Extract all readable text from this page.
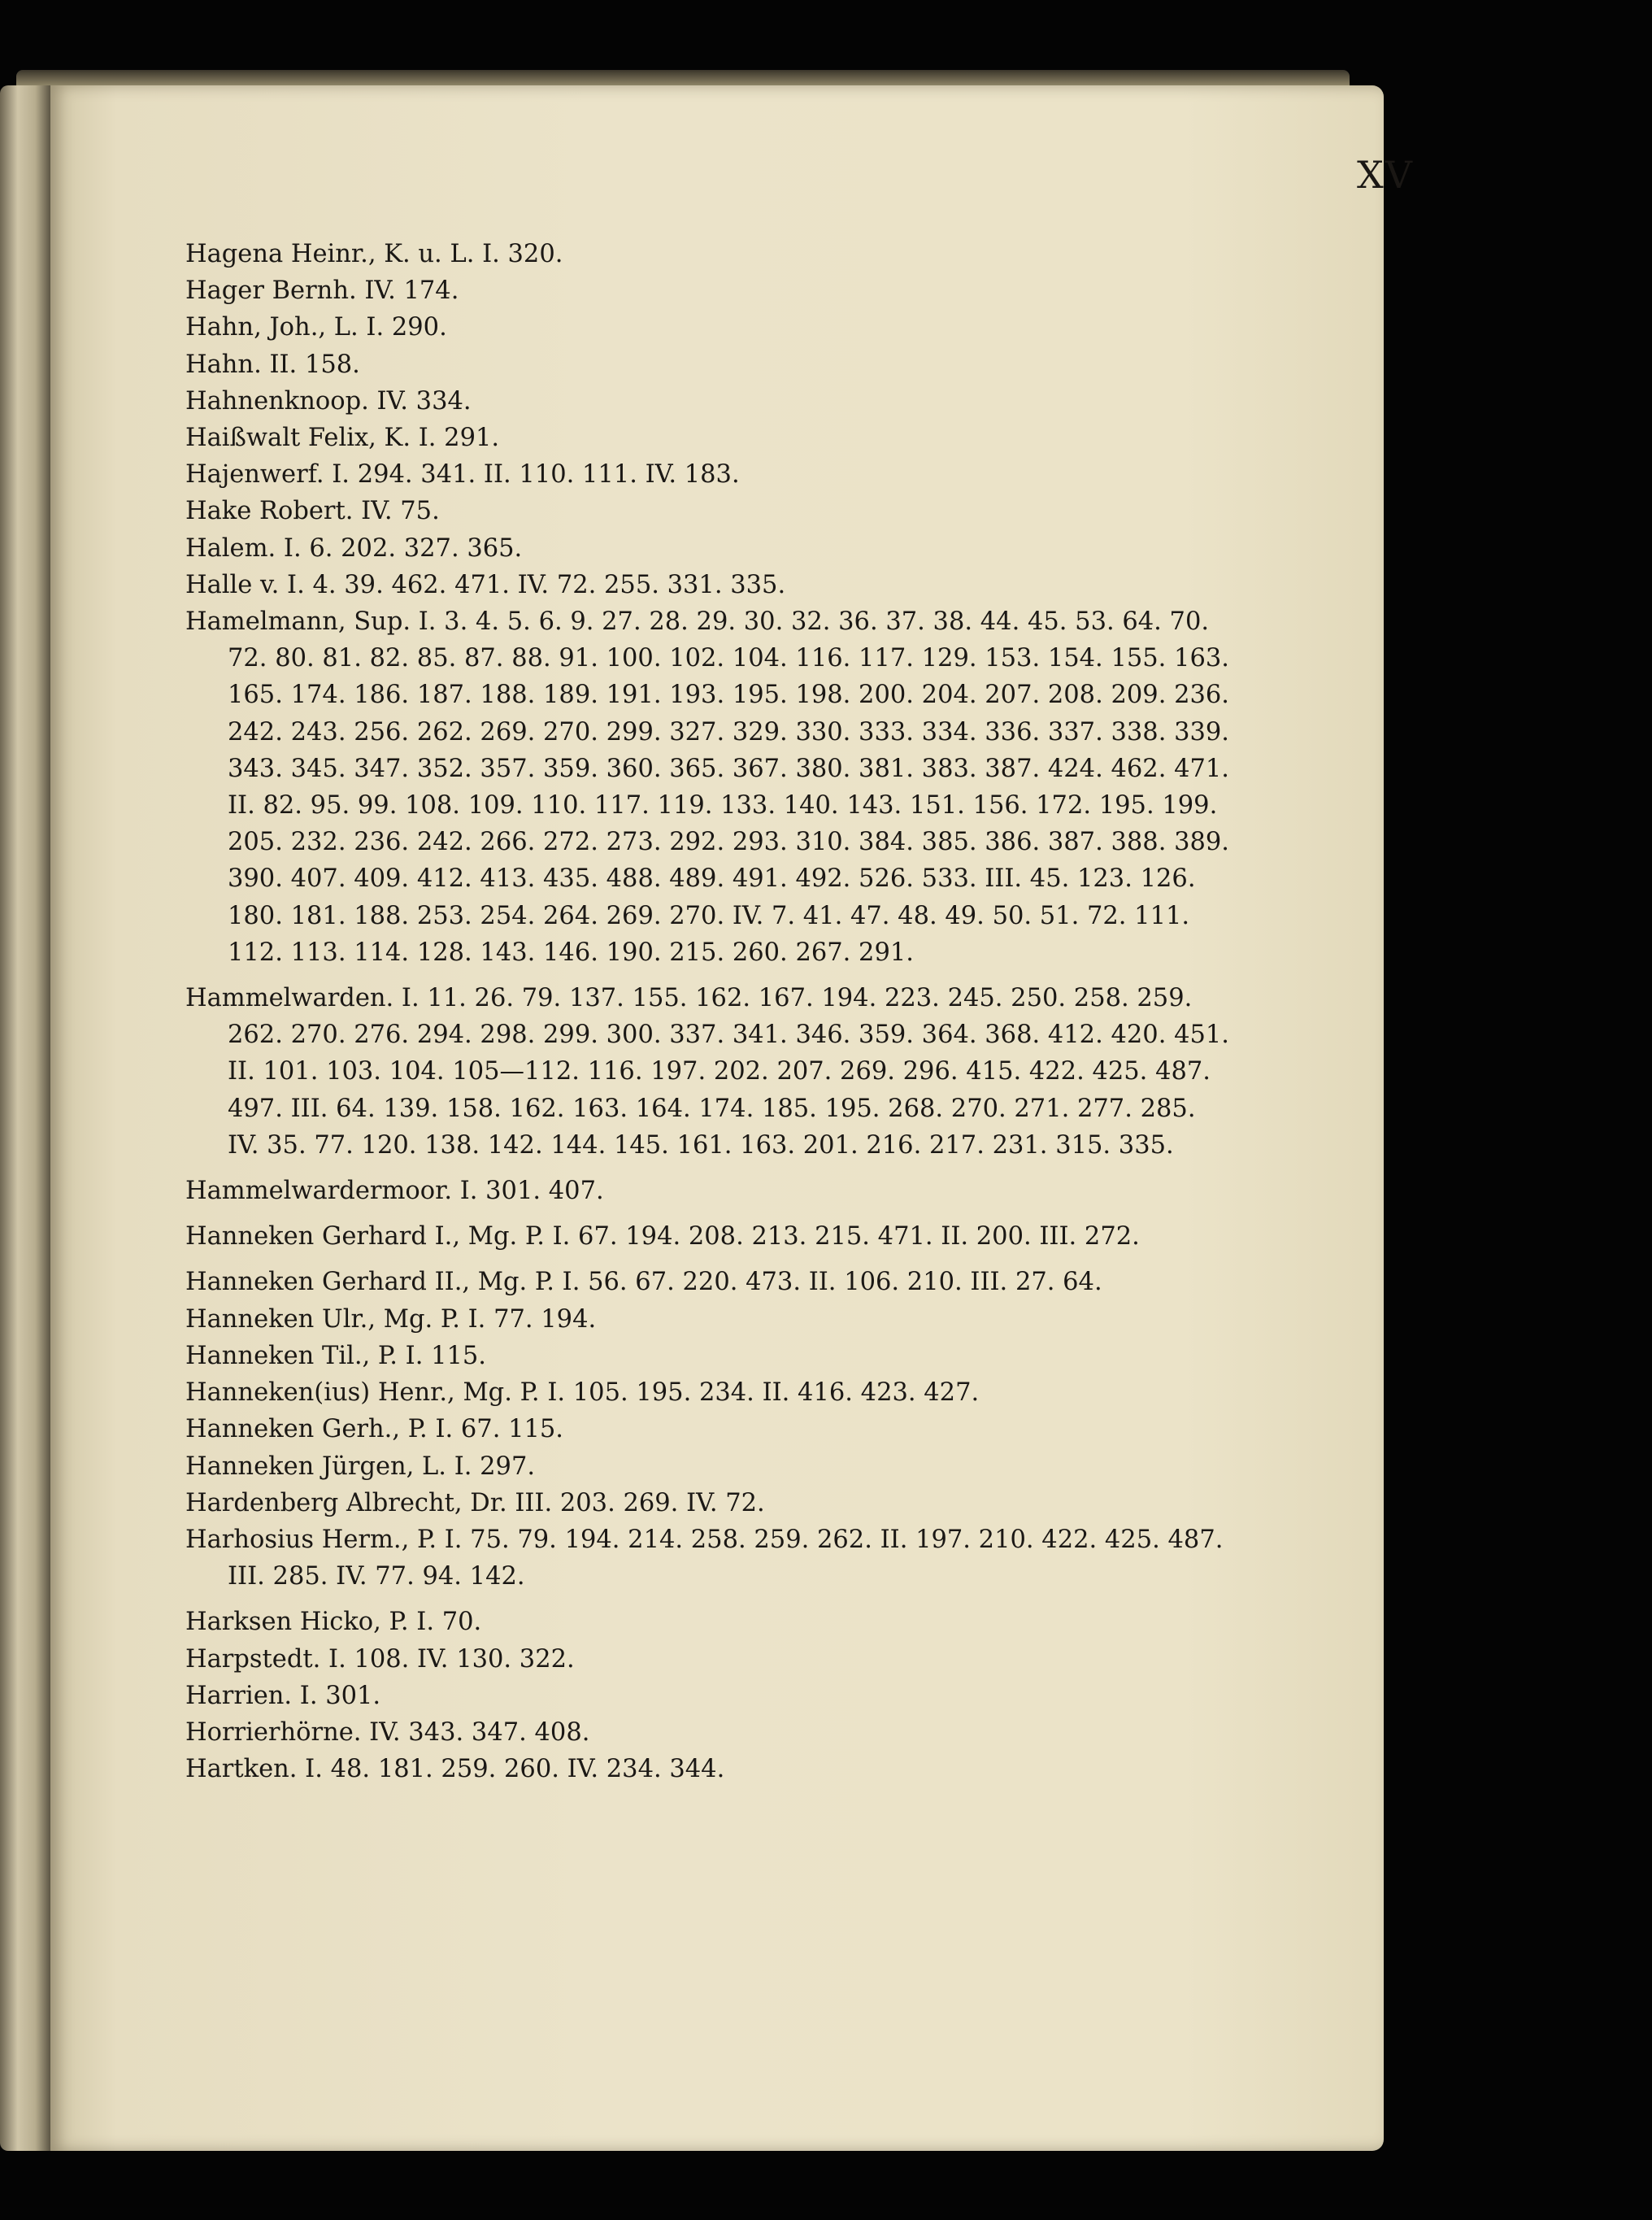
XV

Hagena Heinr., K. u. L. I. 320.

Hager Bernh. IV. 174.

Hahn, Joh., L. I. 290.

Hahn. II. 158.

Hahnenknoop. IV. 334.

Haißwalt Felix, K. I. 291.

Hajenwerf. I. 294. 341. II. 110. 111. IV. 183.

Hake Robert. IV. 75.

Halem. I. 6. 202. 327. 365.

Halle v. I. 4. 39. 462. 471. IV. 72. 255. 331. 335.

Hamelmann, Sup. I. 3. 4. 5. 6. 9. 27. 28. 29. 30. 32. 36. 37. 38. 44. 45. 53. 64. 70. 72. 80. 81. 82. 85. 87. 88. 91. 100. 102. 104. 116. 117. 129. 153. 154. 155. 163. 165. 174. 186. 187. 188. 189. 191. 193. 195. 198. 200. 204. 207. 208. 209. 236. 242. 243. 256. 262. 269. 270. 299. 327. 329. 330. 333. 334. 336. 337. 338. 339. 343. 345. 347. 352. 357. 359. 360. 365. 367. 380. 381. 383. 387. 424. 462. 471. II. 82. 95. 99. 108. 109. 110. 117. 119. 133. 140. 143. 151. 156. 172. 195. 199. 205. 232. 236. 242. 266. 272. 273. 292. 293. 310. 384. 385. 386. 387. 388. 389. 390. 407. 409. 412. 413. 435. 488. 489. 491. 492. 526. 533. III. 45. 123. 126. 180. 181. 188. 253. 254. 264. 269. 270. IV. 7. 41. 47. 48. 49. 50. 51. 72. 111. 112. 113. 114. 128. 143. 146. 190. 215. 260. 267. 291.

Hammelwarden. I. 11. 26. 79. 137. 155. 162. 167. 194. 223. 245. 250. 258. 259. 262. 270. 276. 294. 298. 299. 300. 337. 341. 346. 359. 364. 368. 412. 420. 451. II. 101. 103. 104. 105—112. 116. 197. 202. 207. 269. 296. 415. 422. 425. 487. 497. III. 64. 139. 158. 162. 163. 164. 174. 185. 195. 268. 270. 271. 277. 285. IV. 35. 77. 120. 138. 142. 144. 145. 161. 163. 201. 216. 217. 231. 315. 335.

Hammelwardermoor. I. 301. 407.

Hanneken Gerhard I., Mg. P. I. 67. 194. 208. 213. 215. 471. II. 200. III. 272.

Hanneken Gerhard II., Mg. P. I. 56. 67. 220. 473. II. 106. 210. III. 27. 64.

Hanneken Ulr., Mg. P. I. 77. 194.

Hanneken Til., P. I. 115.

Hanneken(ius) Henr., Mg. P. I. 105. 195. 234. II. 416. 423. 427.

Hanneken Gerh., P. I. 67. 115.

Hanneken Jürgen, L. I. 297.

Hardenberg Albrecht, Dr. III. 203. 269. IV. 72.

Harhosius Herm., P. I. 75. 79. 194. 214. 258. 259. 262. II. 197. 210. 422. 425. 487. III. 285. IV. 77. 94. 142.

Harksen Hicko, P. I. 70.

Harpstedt. I. 108. IV. 130. 322.

Harrien. I. 301.

Horrierhörne. IV. 343. 347. 408.

Hartken. I. 48. 181. 259. 260. IV. 234. 344.
